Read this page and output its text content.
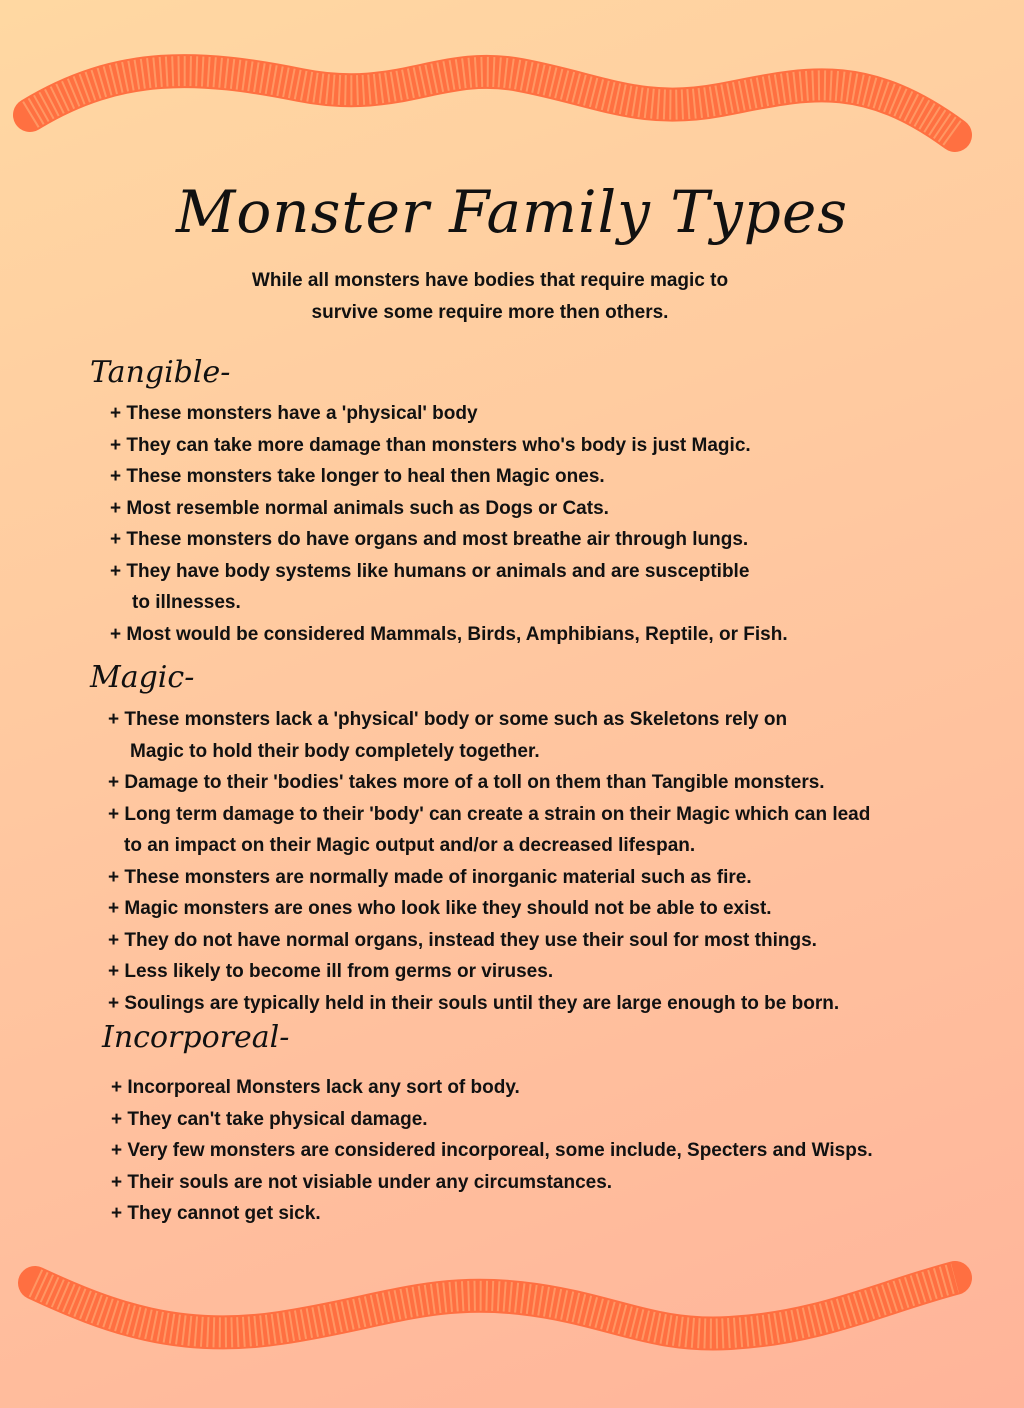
Monster Family Types
While all monsters have bodies that require magic to
survive some require more then others.
Tangible-
+ These monsters have a 'physical' body
+ They can take more damage than monsters who's body is just Magic.
+ These monsters take longer to heal then Magic ones.
+ Most resemble normal animals such as Dogs or Cats.
+ These monsters do have organs and most breathe air through lungs.
+ They have body systems like humans or animals and are susceptible
to illnesses.
+ Most would be considered Mammals, Birds, Amphibians, Reptile, or Fish.
Magic-
+ These monsters lack a 'physical' body or some such as Skeletons rely on
Magic to hold their body completely together.
+ Damage to their 'bodies' takes more of a toll on them than Tangible monsters.
+ Long term damage to their 'body' can create a strain on their Magic which can lead
to an impact on their Magic output and/or a decreased lifespan.
+ These monsters are normally made of inorganic material such as fire.
+ Magic monsters are ones who look like they should not be able to exist.
+ They do not have normal organs, instead they use their soul for most things.
+ Less likely to become ill from germs or viruses.
+ Soulings are typically held in their souls until they are large enough to be born.
Incorporeal-
+ Incorporeal Monsters lack any sort of body.
+ They can't take physical damage.
+ Very few monsters are considered incorporeal, some include, Specters and Wisps.
+ Their souls are not visiable under any circumstances.
+ They cannot get sick.
